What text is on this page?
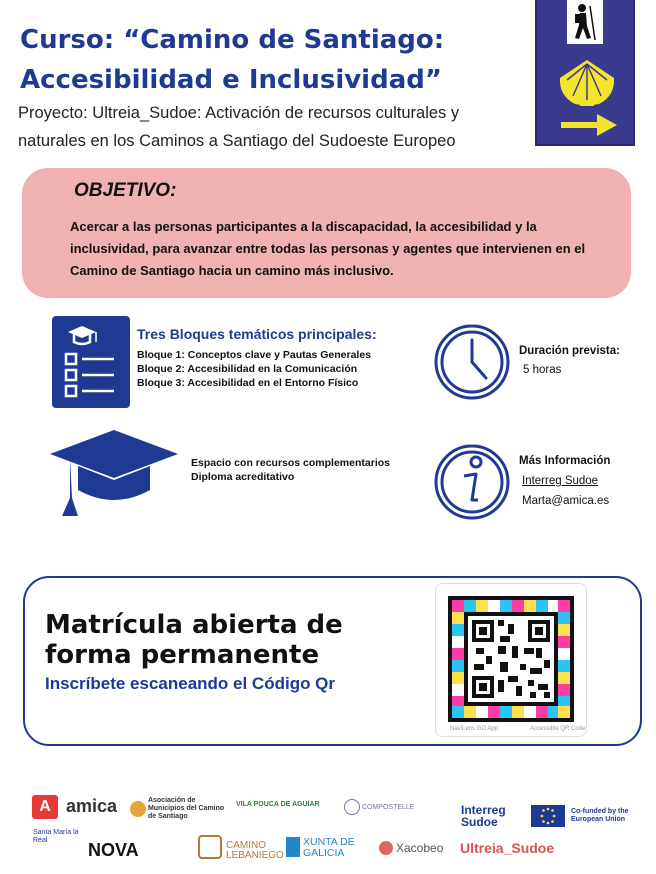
Curso: “Camino de Santiago:
Accesibilidad e Inclusividad”
Proyecto: Ultreia_Sudoe: Activación de recursos culturales y naturales en los Caminos a Santiago del Sudoeste Europeo
OBJETIVO:
Acercar a las personas participantes a la discapacidad, la accesibilidad y la inclusividad, para avanzar entre todas las personas y agentes que intervienen en el Camino de Santiago hacia un camino más inclusivo.
Tres Bloques temáticos principales:
Bloque 1: Conceptos clave y Pautas Generales
Bloque 2: Accesibilidad en la Comunicación
Bloque 3: Accesibilidad en el Entorno Físico
Duración prevista:
5 horas
Espacio con recursos complementarios
Diploma acreditativo
Más Información
Interreg Sudoe
Marta@amica.es
Matrícula abierta de forma permanente
Inscríbete escaneando el Código Qr
NaviLens GO App	Accessible QR Code
A amica	Asociación de Municipios del Camino de Santiago
VILA POUCA DE AGUIAR	COMPOSTELLE	Interreg Sudoe
Co-funded by the European Union
Santa María la Real	NOVA	CAMINO LEBANIEGO
XUNTA DE GALICIA	Xacobeo Ultreia_Sudoe
